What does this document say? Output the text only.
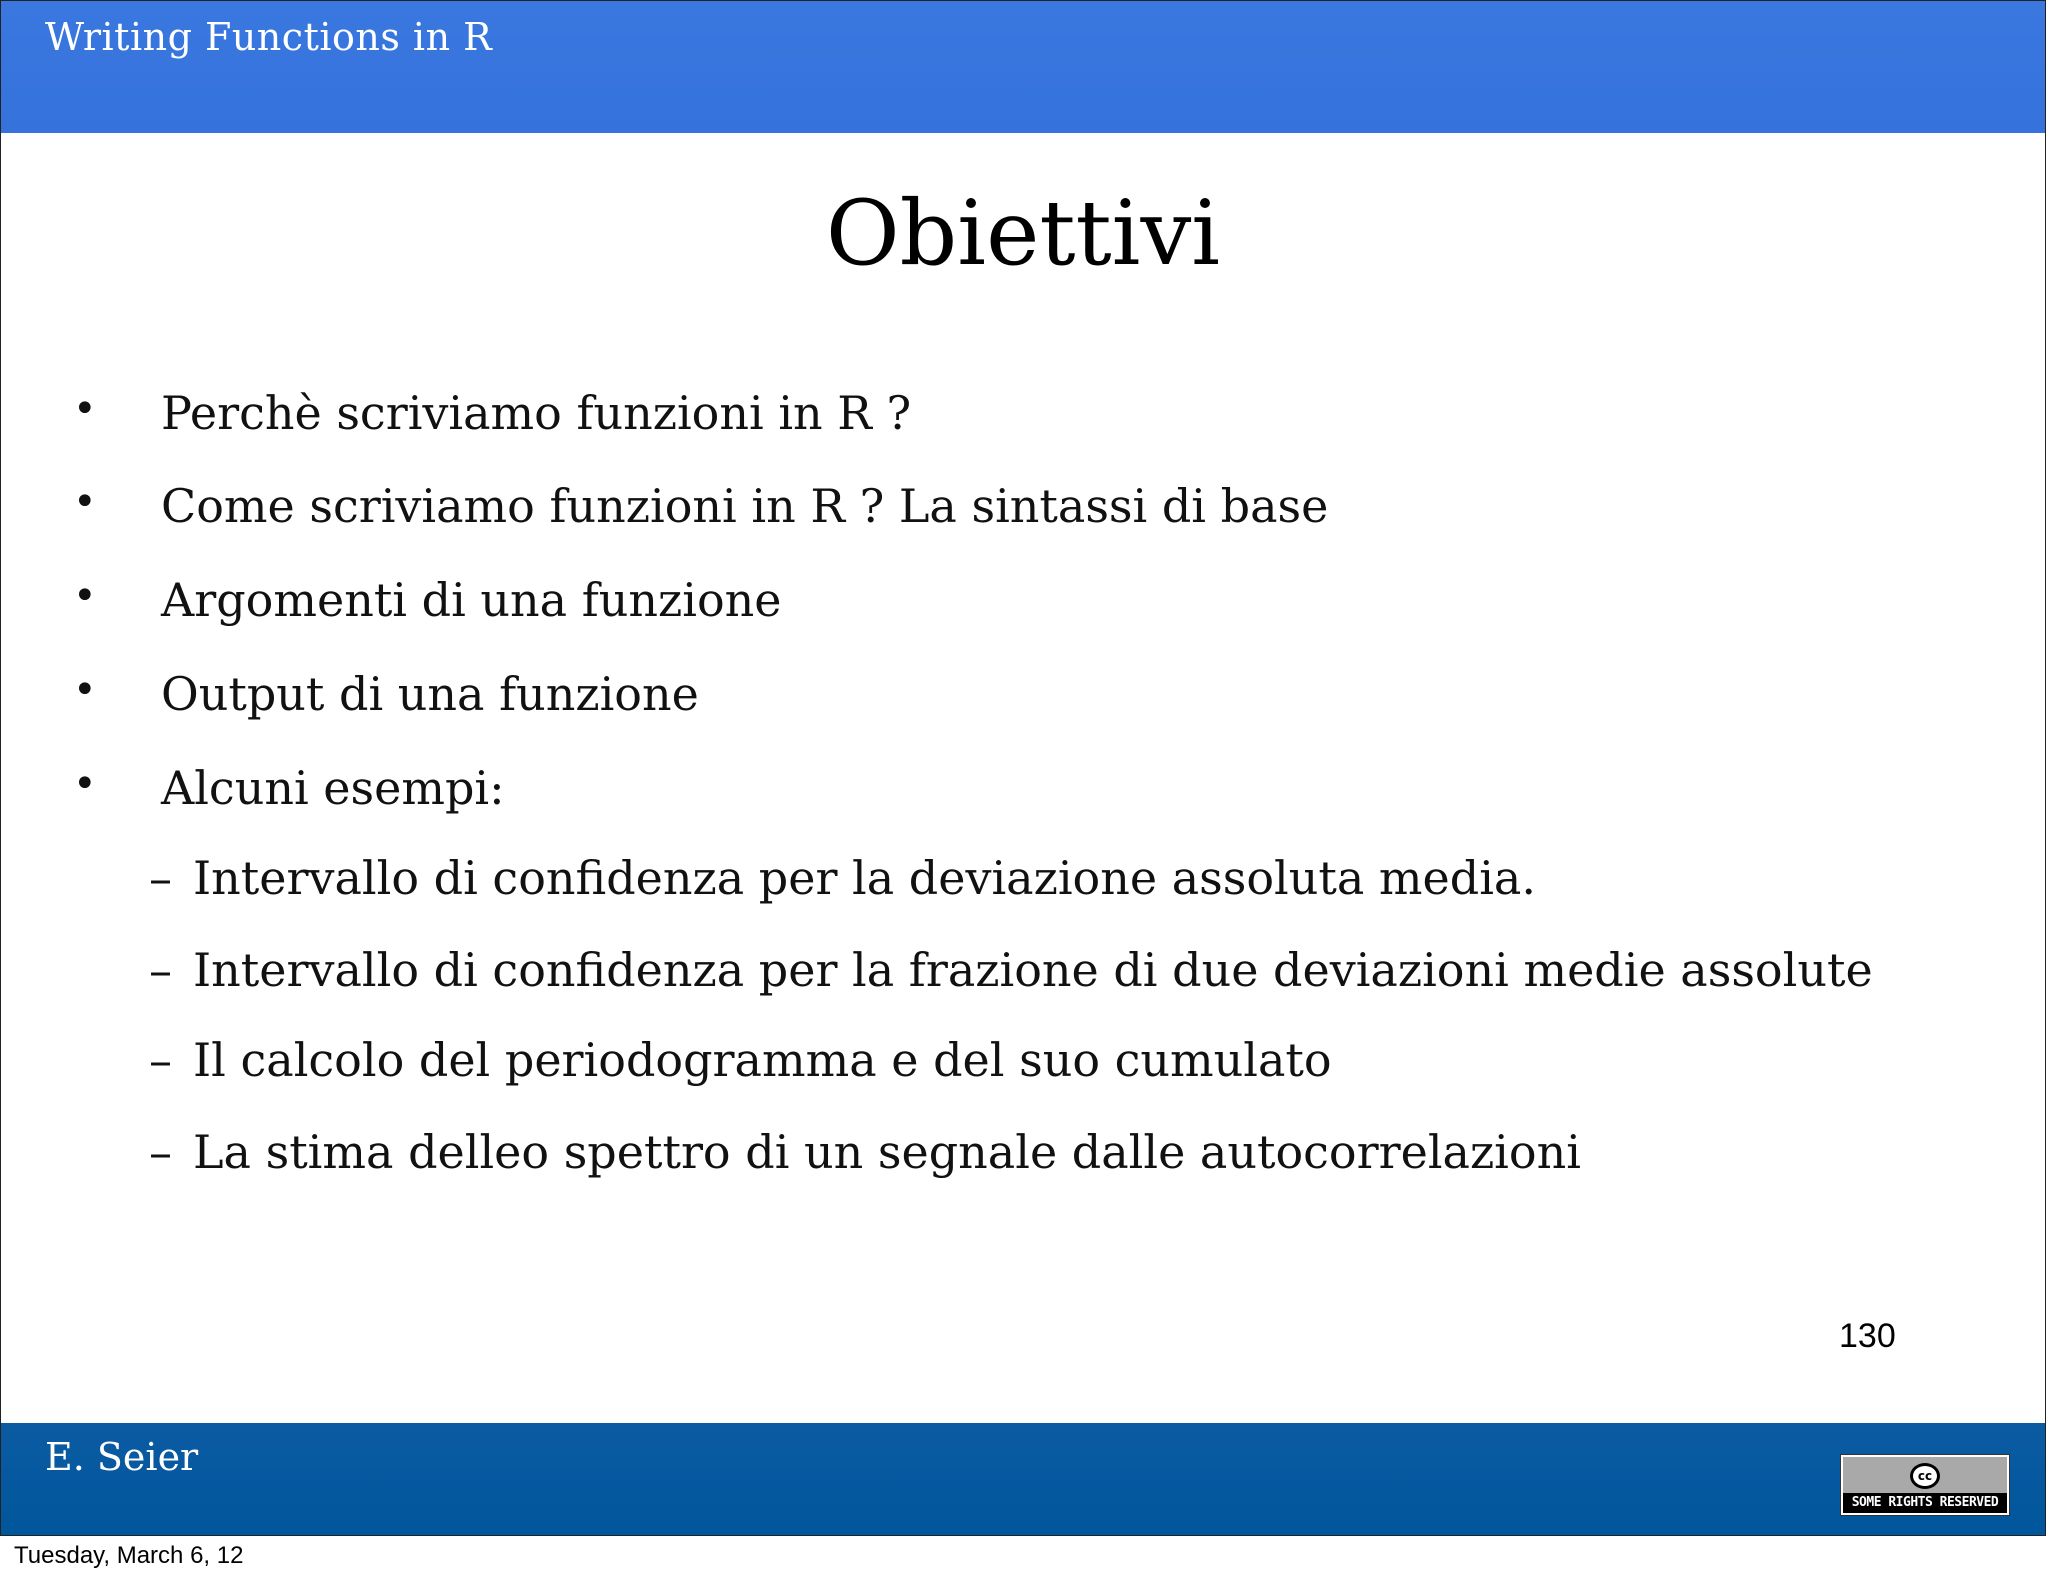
Writing Functions in R
Obiettivi
• Perchè scriviamo funzioni in R ?
• Come scriviamo funzioni in R ? La sintassi di base
• Argomenti di una funzione
• Output di una funzione
• Alcuni esempi:
– Intervallo di confidenza per la deviazione assoluta media.
– Intervallo di confidenza per la frazione di due deviazioni medie assolute
– Il calcolo del periodogramma e del suo cumulato
– La stima delleo spettro di un segnale dalle autocorrelazioni
130
E. Seier	cc
SOME RIGHTS RESERVED
Tuesday, March 6, 12
